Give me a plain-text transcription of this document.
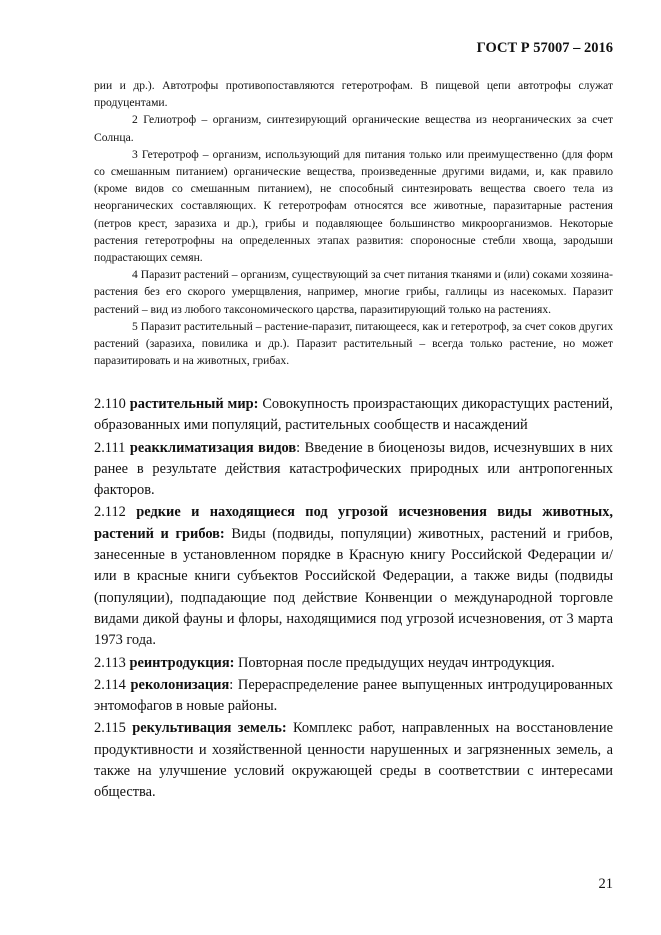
ГОСТ Р 57007 – 2016

рии и др.). Автотрофы противопоставляются гетеротрофам. В пищевой цепи автотрофы служат продуцентами.

2 Гелиотроф – организм, синтезирующий органические вещества из неорганических за счет Солнца.

3 Гетеротроф – организм, использующий для питания только или преимущественно (для форм со смешанным питанием) органические вещества, произведенные другими видами, и, как правило (кроме видов со смешанным питанием), не способный синтезировать вещества своего тела из неорганических составляющих. К гетеротрофам относятся все животные, паразитарные растения (петров крест, заразиха и др.), грибы и подавляющее большинство микроорганизмов. Некоторые растения гетеротрофны на определенных этапах развития: спороносные стебли хвоща, зародыши подрастающих семян.

4 Паразит растений – организм, существующий за счет питания тканями и (или) соками хозяина-растения без его скорого умерщвления, например, многие грибы, галлицы из насекомых. Паразит растений – вид из любого таксономического царства, паразитирующий только на растениях.

5 Паразит растительный – растение-паразит, питающееся, как и гетеротроф, за счет соков других растений (заразиха, повилика и др.). Паразит растительный – всегда только растение, но может паразитировать и на животных, грибах.

2.110 растительный мир: Совокупность произрастающих дикорастущих растений, образованных ими популяций, растительных сообществ и насаждений

2.111 реакклиматизация видов: Введение в биоценозы видов, исчезнувших в них ранее в результате действия катастрофических природных или антропогенных факторов.

2.112 редкие и находящиеся под угрозой исчезновения виды животных, растений и грибов: Виды (подвиды, популяции) животных, растений и грибов, занесенные в установленном порядке в Красную книгу Российской Федерации и/или в красные книги субъектов Российской Федерации, а также виды (подвиды (популяции), подпадающие под действие Конвенции о международной торговле видами дикой фауны и флоры, находящимися под угрозой исчезновения, от 3 марта 1973 года.

2.113 реинтродукция: Повторная после предыдущих неудач интродукция.

2.114 реколонизация: Перераспределение ранее выпущенных интродуцированных энтомофагов в новые районы.

2.115 рекультивация земель: Комплекс работ, направленных на восстановление продуктивности и хозяйственной ценности нарушенных и загрязненных земель, а также на улучшение условий окружающей среды в соответствии с интересами общества.

21
